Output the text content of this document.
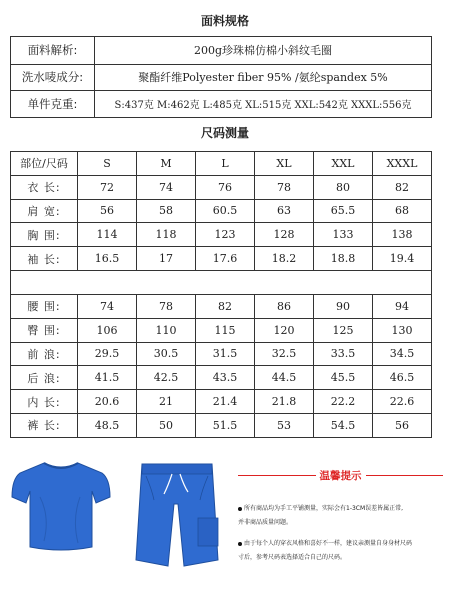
面料规格
面料解析:	200g珍珠棉仿棉小斜纹毛圈
洗水唛成分:	聚酯纤维Polyester fiber 95% /氨纶spandex 5%
单件克重:	S:437克 M:462克 L:485克 XL:515克 XXL:542克 XXXL:556克
尺码测量
部位/尺码	S	M	L	XL	XXL	XXXL
衣 长:	72	74	76	78	80	82
肩 宽:	56	58	60.5	63	65.5	68
胸 围:	114	118	123	128	133	138
袖 长:	16.5	17	17.6	18.2	18.8	19.4

腰 围:	74	78	82	86	90	94
臀 围:	106	110	115	120	125	130
前 浪:	29.5	30.5	31.5	32.5	33.5	34.5
后 浪:	41.5	42.5	43.5	44.5	45.5	46.5
内 长:	20.6	21	21.4	21.8	22.2	22.6
裤 长:	48.5	50	51.5	53	54.5	56
温馨提示

所有商品均为手工平铺测量，实际会有1-3CM误差皆属正常,

并非商品质量问题。

由于每个人的穿衣风格和喜好不一样，建议亲测量自身身材尺码

寸后，参考尺码表选择适合自己的尺码。
